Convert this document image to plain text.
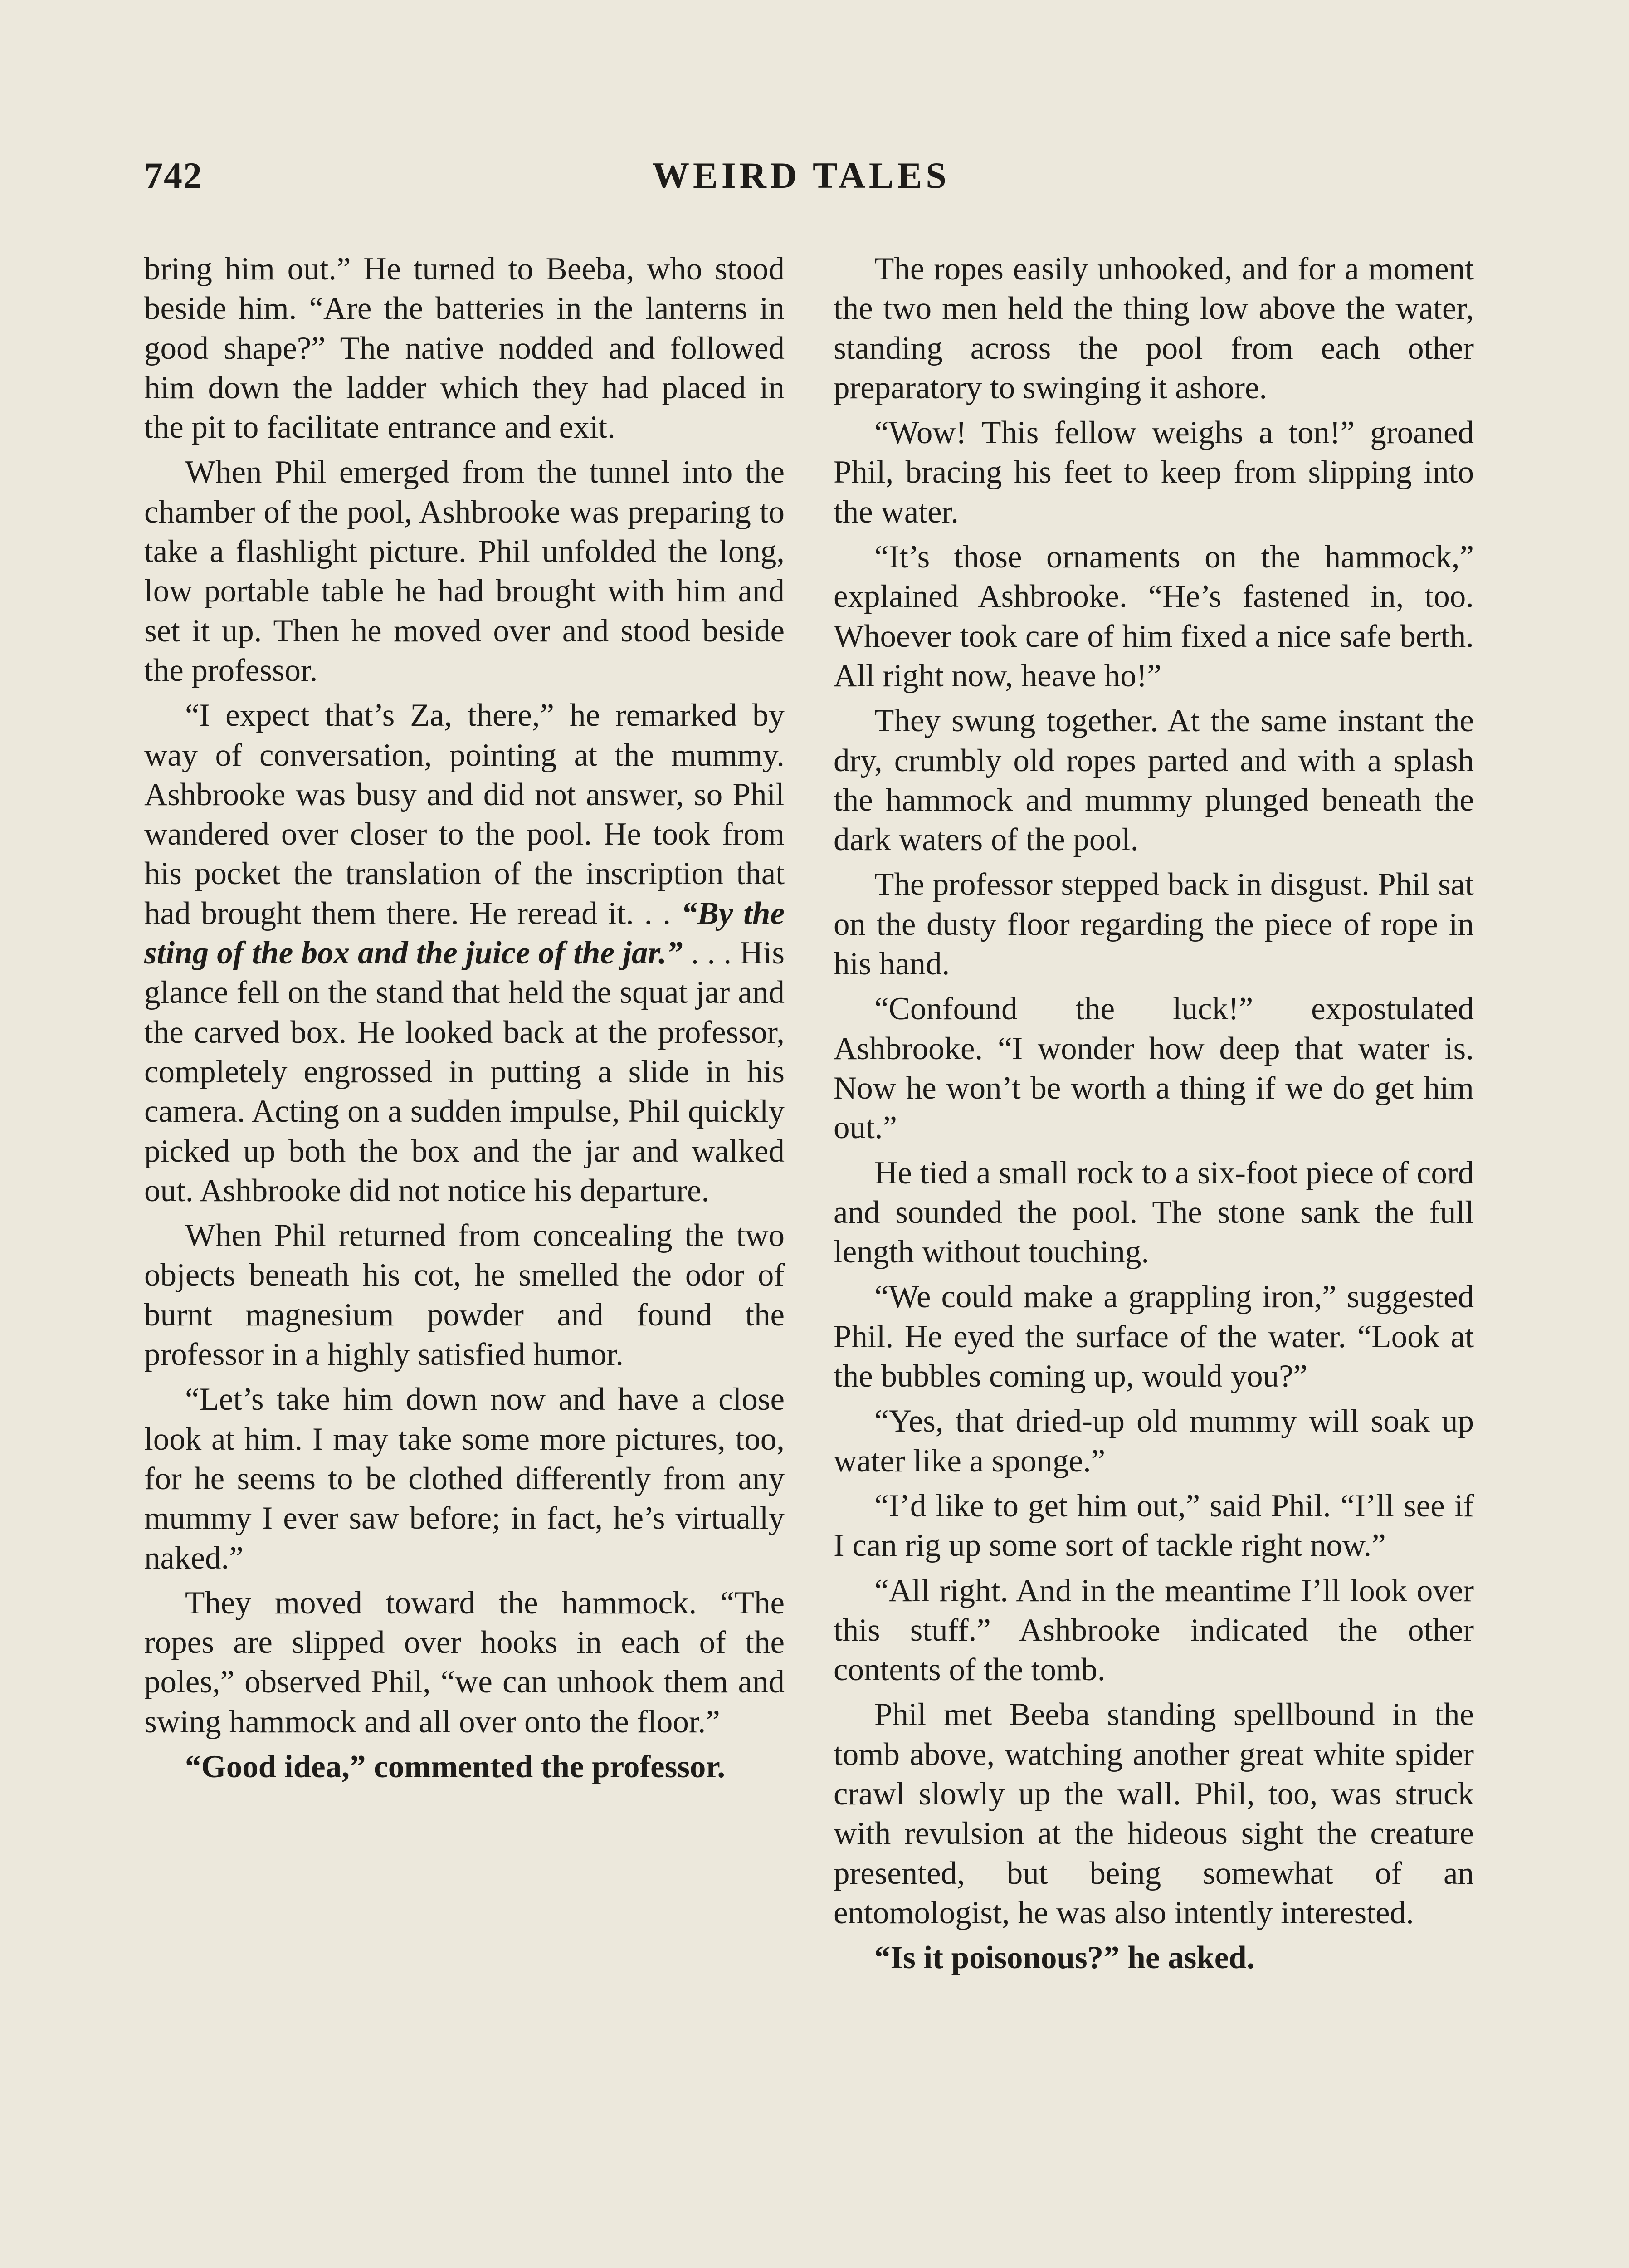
742	WEIRD TALES

bring him out.” He turned to Beeba, who stood beside him. “Are the batteries in the lanterns in good shape?” The native nodded and followed him down the ladder which they had placed in the pit to facilitate entrance and exit.

When Phil emerged from the tunnel into the chamber of the pool, Ashbrooke was preparing to take a flashlight picture. Phil unfolded the long, low portable table he had brought with him and set it up. Then he moved over and stood beside the professor.

“I expect that’s Za, there,” he remarked by way of conversation, pointing at the mummy. Ashbrooke was busy and did not answer, so Phil wandered over closer to the pool. He took from his pocket the translation of the inscription that had brought them there. He reread it. . . “By the sting of the box and the juice of the jar.” . . . His glance fell on the stand that held the squat jar and the carved box. He looked back at the professor, completely engrossed in putting a slide in his camera. Acting on a sudden impulse, Phil quickly picked up both the box and the jar and walked out. Ashbrooke did not notice his departure.

When Phil returned from concealing the two objects beneath his cot, he smelled the odor of burnt magnesium powder and found the professor in a highly satisfied humor.

“Let’s take him down now and have a close look at him. I may take some more pictures, too, for he seems to be clothed differently from any mummy I ever saw before; in fact, he’s virtually naked.”

They moved toward the hammock. “The ropes are slipped over hooks in each of the poles,” observed Phil, “we can unhook them and swing hammock and all over onto the floor.”

“Good idea,” commented the professor.

The ropes easily unhooked, and for a moment the two men held the thing low above the water, standing across the pool from each other preparatory to swinging it ashore.

“Wow! This fellow weighs a ton!” groaned Phil, bracing his feet to keep from slipping into the water.

“It’s those ornaments on the hammock,” explained Ashbrooke. “He’s fastened in, too. Whoever took care of him fixed a nice safe berth. All right now, heave ho!”

They swung together. At the same instant the dry, crumbly old ropes parted and with a splash the hammock and mummy plunged beneath the dark waters of the pool.

The professor stepped back in disgust. Phil sat on the dusty floor regarding the piece of rope in his hand.

“Confound the luck!” expostulated Ashbrooke. “I wonder how deep that water is. Now he won’t be worth a thing if we do get him out.”

He tied a small rock to a six-foot piece of cord and sounded the pool. The stone sank the full length without touching.

“We could make a grappling iron,” suggested Phil. He eyed the surface of the water. “Look at the bubbles coming up, would you?”

“Yes, that dried-up old mummy will soak up water like a sponge.”

“I’d like to get him out,” said Phil. “I’ll see if I can rig up some sort of tackle right now.”

“All right. And in the meantime I’ll look over this stuff.” Ashbrooke indicated the other contents of the tomb.

Phil met Beeba standing spellbound in the tomb above, watching another great white spider crawl slowly up the wall. Phil, too, was struck with revulsion at the hideous sight the creature presented, but being somewhat of an entomologist, he was also intently interested.

“Is it poisonous?” he asked.
